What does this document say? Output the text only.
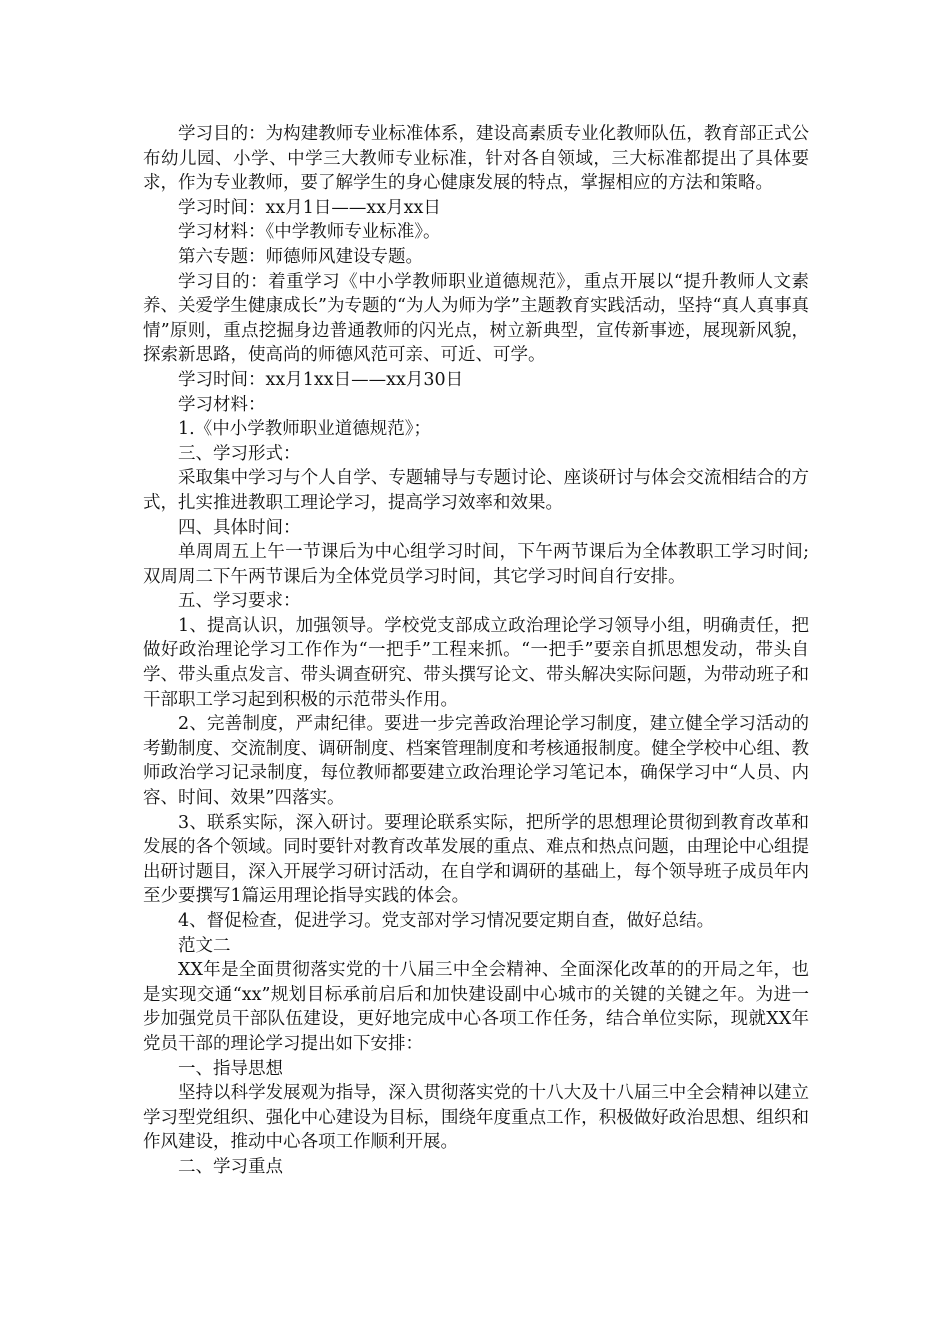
学习目的：为构建教师专业标准体系，建设高素质专业化教师队伍，教育部正式公布幼儿园、小学、中学三大教师专业标准，针对各自领域，三大标准都提出了具体要求，作为专业教师，要了解学生的身心健康发展的特点，掌握相应的方法和策略。

学习时间：xx月1日——xx月xx日

学习材料：《中学教师专业标准》。

第六专题：师德师风建设专题。

学习目的：着重学习《中小学教师职业道德规范》，重点开展以“提升教师人文素养、关爱学生健康成长”为专题的“为人为师为学”主题教育实践活动，坚持“真人真事真情”原则，重点挖掘身边普通教师的闪光点，树立新典型，宣传新事迹，展现新风貌，探索新思路，使高尚的师德风范可亲、可近、可学。

学习时间：xx月1xx日——xx月30日

学习材料：

1.《中小学教师职业道德规范》；

三、学习形式：

采取集中学习与个人自学、专题辅导与专题讨论、座谈研讨与体会交流相结合的方式，扎实推进教职工理论学习，提高学习效率和效果。

四、具体时间：

单周周五上午一节课后为中心组学习时间，下午两节课后为全体教职工学习时间;双周周二下午两节课后为全体党员学习时间，其它学习时间自行安排。

五、学习要求：

1、提高认识，加强领导。学校党支部成立政治理论学习领导小组，明确责任，把做好政治理论学习工作作为“一把手”工程来抓。“一把手”要亲自抓思想发动，带头自学、带头重点发言、带头调查研究、带头撰写论文、带头解决实际问题，为带动班子和干部职工学习起到积极的示范带头作用。

2、完善制度，严肃纪律。要进一步完善政治理论学习制度，建立健全学习活动的考勤制度、交流制度、调研制度、档案管理制度和考核通报制度。健全学校中心组、教师政治学习记录制度，每位教师都要建立政治理论学习笔记本，确保学习中“人员、内容、时间、效果”四落实。

3、联系实际，深入研讨。要理论联系实际，把所学的思想理论贯彻到教育改革和发展的各个领域。同时要针对教育改革发展的重点、难点和热点问题，由理论中心组提出研讨题目，深入开展学习研讨活动，在自学和调研的基础上，每个领导班子成员年内至少要撰写1篇运用理论指导实践的体会。

4、督促检查，促进学习。党支部对学习情况要定期自查，做好总结。

范文二

XX年是全面贯彻落实党的十八届三中全会精神、全面深化改革的的开局之年，也是实现交通“xx”规划目标承前启后和加快建设副中心城市的关键的关键之年。为进一步加强党员干部队伍建设，更好地完成中心各项工作任务，结合单位实际，现就XX年党员干部的理论学习提出如下安排：

一、指导思想

坚持以科学发展观为指导，深入贯彻落实党的十八大及十八届三中全会精神以建立学习型党组织、强化中心建设为目标，围绕年度重点工作，积极做好政治思想、组织和作风建设，推动中心各项工作顺利开展。

二、学习重点
